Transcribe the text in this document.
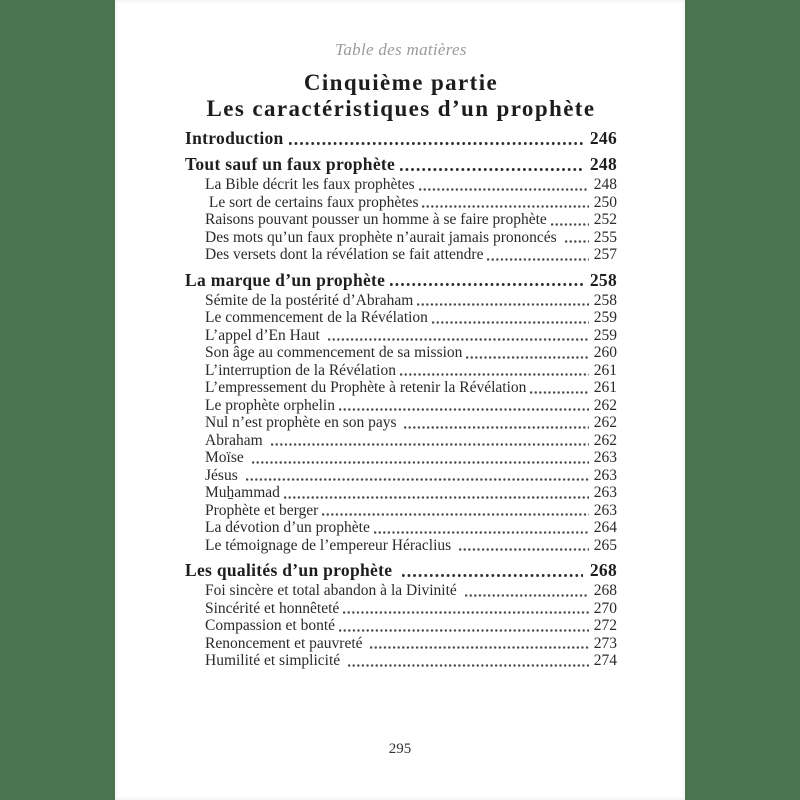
Table des matières
Cinquième partie
Les caractéristiques d’un prophète
Introduction	246
Tout sauf un faux prophète	248
La Bible décrit les faux prophètes	248
Le sort de certains faux prophètes	250
Raisons pouvant pousser un homme à se faire prophète	252
Des mots qu’un faux prophète n’aurait jamais prononcés 255
Des versets dont la révélation se fait attendre	257
La marque d’un prophète	258
Sémite de la postérité d’Abraham	258
Le commencement de la Révélation	259
L’appel d’En Haut	259
Son âge au commencement de sa mission	260
L’interruption de la Révélation	261
L’empressement du Prophète à retenir la Révélation	261
Le prophète orphelin	262
Nul n’est prophète en son pays	262
Abraham	262
Moïse	263
Jésus	263
Muẖammad	263
Prophète et berger	263
La dévotion d’un prophète	264
Le témoignage de l’empereur Héraclius	265
Les qualités d’un prophète	268
Foi sincère et total abandon à la Divinité	268
Sincérité et honnêteté	270
Compassion et bonté	272
Renoncement et pauvreté	273
Humilité et simplicité	274
295
